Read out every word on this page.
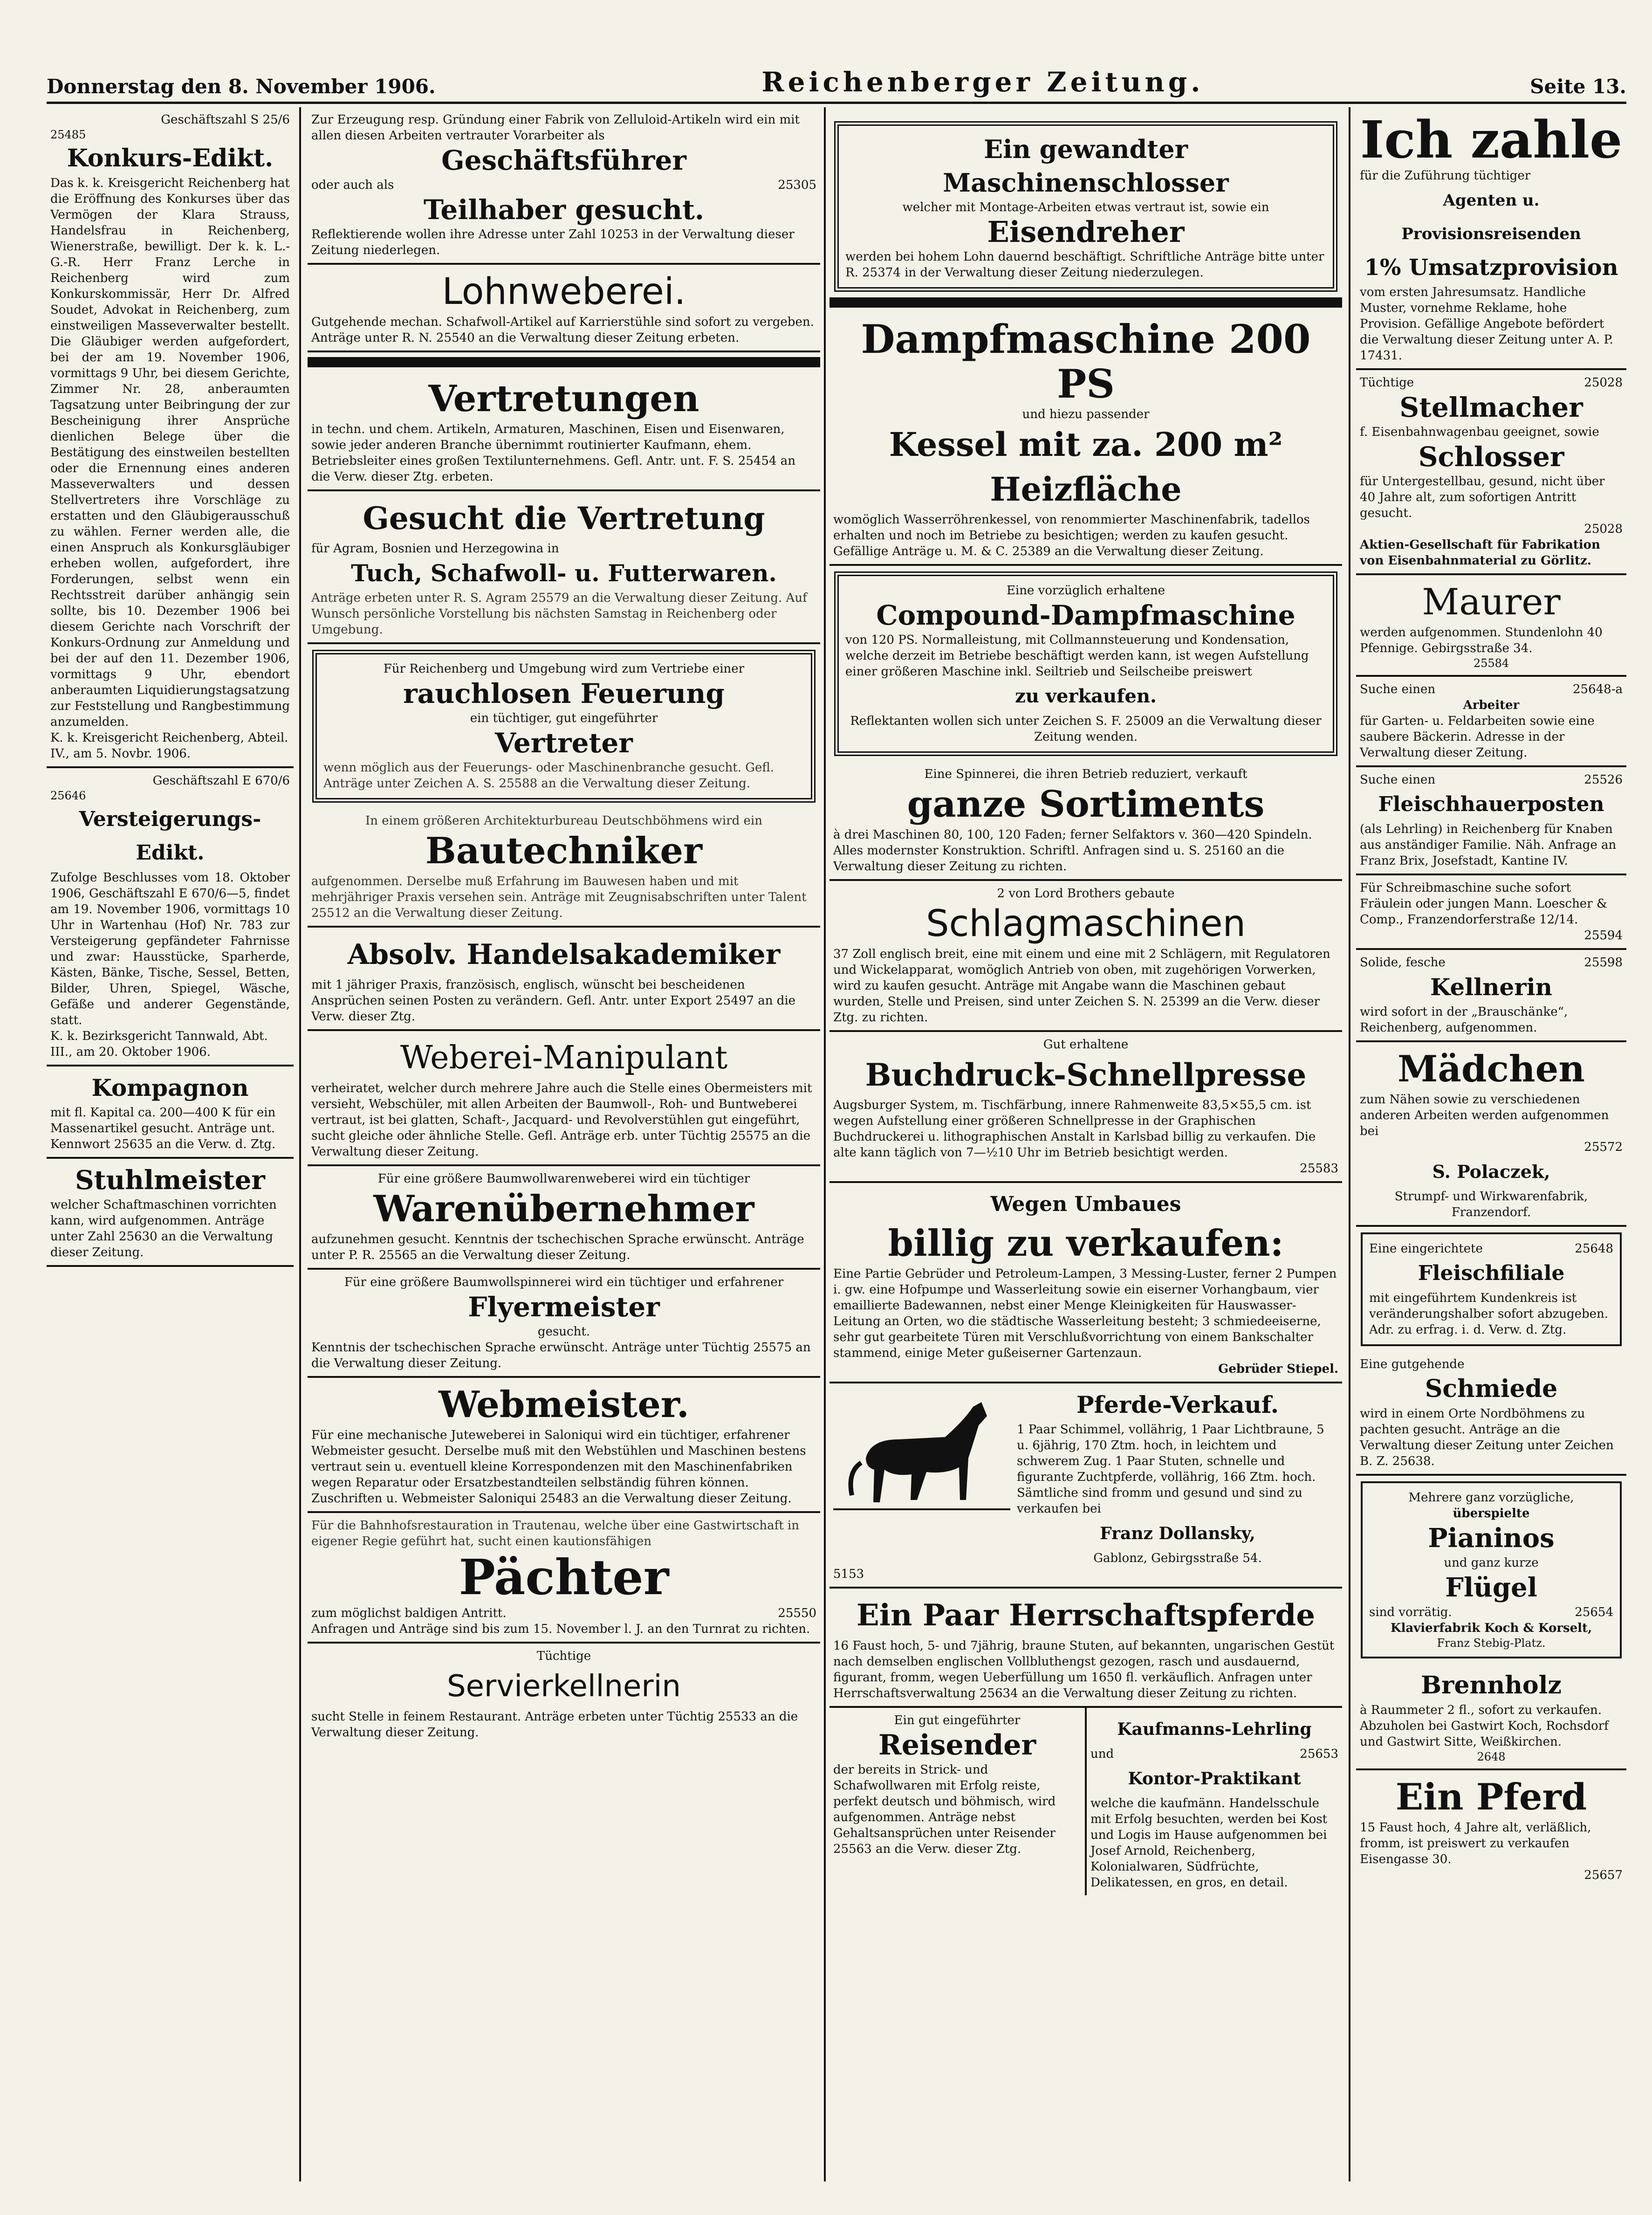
Donnerstag den 8. November 1906.	Reichenberger Zeitung.	Seite 13.
Geschäftszahl S 25/6
25485
Konkurs-Edikt.
Das k. k. Kreisgericht Reichenberg hat die Eröffnung des Konkurses über das Vermögen der Klara Strauss, Handelsfrau in Reichenberg, Wienerstraße, bewilligt. Der k. k. L.-G.-R. Herr Franz Lerche in Reichenberg wird zum Konkurskommissär, Herr Dr. Alfred Soudet, Advokat in Reichenberg, zum einstweiligen Masseverwalter bestellt. Die Gläubiger werden aufgefordert, bei der am 19. November 1906, vormittags 9 Uhr, bei diesem Gerichte, Zimmer Nr. 28, anberaumten Tagsatzung unter Beibringung der zur Bescheinigung ihrer Ansprüche dienlichen Belege über die Bestätigung des einstweilen bestellten oder die Ernennung eines anderen Masseverwalters und dessen Stellvertreters ihre Vorschläge zu erstatten und den Gläubigerausschuß zu wählen. Ferner werden alle, die einen Anspruch als Konkursgläubiger erheben wollen, aufgefordert, ihre Forderungen, selbst wenn ein Rechtsstreit darüber anhängig sein sollte, bis 10. Dezember 1906 bei diesem Gerichte nach Vorschrift der Konkurs-Ordnung zur Anmeldung und bei der auf den 11. Dezember 1906, vormittags 9 Uhr, ebendort anberaumten Liquidierungstagsatzung zur Feststellung und Rangbestimmung anzumelden.
K. k. Kreisgericht Reichenberg, Abteil. IV., am 5. Novbr. 1906.
Geschäftszahl E 670/6
25646
Versteigerungs-Edikt.
Zufolge Beschlusses vom 18. Oktober 1906, Geschäftszahl E 670/6—5, findet am 19. November 1906, vormittags 10 Uhr in Wartenhau (Hof) Nr. 783 zur Versteigerung gepfändeter Fahrnisse und zwar: Hausstücke, Sparherde, Kästen, Bänke, Tische, Sessel, Betten, Bilder, Uhren, Spiegel, Wäsche, Gefäße und anderer Gegenstände, statt.
K. k. Bezirksgericht Tannwald, Abt. III., am 20. Oktober 1906.
Kompagnon
mit fl. Kapital ca. 200—400 K für ein Massenartikel gesucht. Anträge unt. Kennwort 25635 an die Verw. d. Ztg.
Stuhlmeister
welcher Schaftmaschinen vorrichten kann, wird aufgenommen. Anträge unter Zahl 25630 an die Verwaltung dieser Zeitung.
Zur Erzeugung resp. Gründung einer Fabrik von Zelluloid-Artikeln wird ein mit allen diesen Arbeiten vertrauter Vorarbeiter als
Geschäftsführer
oder auch als	25305
Teilhaber gesucht.
Reflektierende wollen ihre Adresse unter Zahl 10253 in der Verwaltung dieser Zeitung niederlegen.
Lohnweberei.
Gutgehende mechan. Schafwoll-Artikel auf Karrierstühle sind sofort zu vergeben. Anträge unter R. N. 25540 an die Verwaltung dieser Zeitung erbeten.
Vertretungen
in techn. und chem. Artikeln, Armaturen, Maschinen, Eisen und Eisenwaren, sowie jeder anderen Branche übernimmt routinierter Kaufmann, ehem. Betriebsleiter eines großen Textilunternehmens. Gefl. Antr. unt. F. S. 25454 an die Verw. dieser Ztg. erbeten.
Gesucht die Vertretung
für Agram, Bosnien und Herzegowina in
Tuch, Schafwoll- u. Futterwaren.
Anträge erbeten unter R. S. Agram 25579 an die Verwaltung dieser Zeitung. Auf Wunsch persönliche Vorstellung bis nächsten Samstag in Reichenberg oder Umgebung.
Für Reichenberg und Umgebung wird zum Vertriebe einer
rauchlosen Feuerung
ein tüchtiger, gut eingeführter
Vertreter
wenn möglich aus der Feuerungs- oder Maschinenbranche gesucht. Gefl. Anträge unter Zeichen A. S. 25588 an die Verwaltung dieser Zeitung.
In einem größeren Architekturbureau Deutschböhmens wird ein
Bautechniker
aufgenommen. Derselbe muß Erfahrung im Bauwesen haben und mit mehrjähriger Praxis versehen sein. Anträge mit Zeugnisabschriften unter Talent 25512 an die Verwaltung dieser Zeitung.
Absolv. Handelsakademiker
mit 1 jähriger Praxis, französisch, englisch, wünscht bei bescheidenen Ansprüchen seinen Posten zu verändern. Gefl. Antr. unter Export 25497 an die Verw. dieser Ztg.
Weberei-Manipulant
verheiratet, welcher durch mehrere Jahre auch die Stelle eines Obermeisters mit versieht, Webschüler, mit allen Arbeiten der Baumwoll-, Roh- und Buntweberei vertraut, ist bei glatten, Schaft-, Jacquard- und Revolverstühlen gut eingeführt, sucht gleiche oder ähnliche Stelle. Gefl. Anträge erb. unter Tüchtig 25575 an die Verwaltung dieser Zeitung.
Für eine größere Baumwollwarenweberei wird ein tüchtiger
Warenübernehmer
aufzunehmen gesucht. Kenntnis der tschechischen Sprache erwünscht. Anträge unter P. R. 25565 an die Verwaltung dieser Zeitung.
Für eine größere Baumwollspinnerei wird ein tüchtiger und erfahrener
Flyermeister
gesucht.
Kenntnis der tschechischen Sprache erwünscht. Anträge unter Tüchtig 25575 an die Verwaltung dieser Zeitung.
Webmeister.
Für eine mechanische Juteweberei in Saloniqui wird ein tüchtiger, erfahrener Webmeister gesucht. Derselbe muß mit den Webstühlen und Maschinen bestens vertraut sein u. eventuell kleine Korrespondenzen mit den Maschinenfabriken wegen Reparatur oder Ersatzbestandteilen selbständig führen können. Zuschriften u. Webmeister Saloniqui 25483 an die Verwaltung dieser Zeitung.
Für die Bahnhofsrestauration in Trautenau, welche über eine Gastwirtschaft in eigener Regie geführt hat, sucht einen kautionsfähigen
Pächter
zum möglichst baldigen Antritt.	25550
Anfragen und Anträge sind bis zum 15. November l. J. an den Turnrat zu richten.
Tüchtige
Servierkellnerin
sucht Stelle in feinem Restaurant. Anträge erbeten unter Tüchtig 25533 an die Verwaltung dieser Zeitung.
Ein gewandter Maschinenschlosser
welcher mit Montage-Arbeiten etwas vertraut ist, sowie ein
Eisendreher
werden bei hohem Lohn dauernd beschäftigt. Schriftliche Anträge bitte unter R. 25374 in der Verwaltung dieser Zeitung niederzulegen.
Dampfmaschine 200 PS
und hiezu passender
Kessel mit za. 200 m² Heizfläche
womöglich Wasserröhrenkessel, von renommierter Maschinenfabrik, tadellos erhalten und noch im Betriebe zu besichtigen; werden zu kaufen gesucht. Gefällige Anträge u. M. & C. 25389 an die Verwaltung dieser Zeitung.
Eine vorzüglich erhaltene
Compound-Dampfmaschine
von 120 PS. Normalleistung, mit Collmannsteuerung und Kondensation, welche derzeit im Betriebe beschäftigt werden kann, ist wegen Aufstellung einer größeren Maschine inkl. Seiltrieb und Seilscheibe preiswert
zu verkaufen.
Reflektanten wollen sich unter Zeichen S. F. 25009 an die Verwaltung dieser Zeitung wenden.
Eine Spinnerei, die ihren Betrieb reduziert, verkauft
ganze Sortiments
à drei Maschinen 80, 100, 120 Faden; ferner Selfaktors v. 360—420 Spindeln. Alles modernster Konstruktion. Schriftl. Anfragen sind u. S. 25160 an die Verwaltung dieser Zeitung zu richten.
2 von Lord Brothers gebaute
Schlagmaschinen
37 Zoll englisch breit, eine mit einem und eine mit 2 Schlägern, mit Regulatoren und Wickelapparat, womöglich Antrieb von oben, mit zugehörigen Vorwerken, wird zu kaufen gesucht. Anträge mit Angabe wann die Maschinen gebaut wurden, Stelle und Preisen, sind unter Zeichen S. N. 25399 an die Verw. dieser Ztg. zu richten.
Gut erhaltene
Buchdruck-Schnellpresse
Augsburger System, m. Tischfärbung, innere Rahmenweite 83,5×55,5 cm. ist wegen Aufstellung einer größeren Schnellpresse in der Graphischen Buchdruckerei u. lithographischen Anstalt in Karlsbad billig zu verkaufen. Die alte kann täglich von 7—½10 Uhr im Betrieb besichtigt werden.
25583
Wegen Umbaues
billig zu verkaufen:
Eine Partie Gebrüder und Petroleum-Lampen, 3 Messing-Luster, ferner 2 Pumpen i. gw. eine Hofpumpe und Wasserleitung sowie ein eiserner Vorhangbaum, vier emaillierte Badewannen, nebst einer Menge Kleinigkeiten für Hauswasser-Leitung an Orten, wo die städtische Wasserleitung besteht; 3 schmiedeeiserne, sehr gut gearbeitete Türen mit Verschlußvorrichtung von einem Bankschalter stammend, einige Meter gußeiserner Gartenzaun.
Gebrüder Stiepel.
Pferde-Verkauf.
1 Paar Schimmel, vollährig, 1 Paar Lichtbraune, 5 u. 6jährig, 170 Ztm. hoch, in leichtem und schwerem Zug. 1 Paar Stuten, schnelle und figurante Zuchtpferde, vollährig, 166 Ztm. hoch. Sämtliche sind fromm und gesund und sind zu verkaufen bei
Franz Dollansky,
Gablonz, Gebirgsstraße 54.
5153
Ein Paar Herrschaftspferde
16 Faust hoch, 5- und 7jährig, braune Stuten, auf bekannten, ungarischen Gestüt nach demselben englischen Vollbluthengst gezogen, rasch und ausdauernd, figurant, fromm, wegen Ueberfüllung um 1650 fl. verkäuflich. Anfragen unter Herrschaftsverwaltung 25634 an die Verwaltung dieser Zeitung zu richten.
Ein gut eingeführter
Reisender
der bereits in Strick- und Schafwollwaren mit Erfolg reiste, perfekt deutsch und böhmisch, wird aufgenommen. Anträge nebst Gehaltsansprüchen unter Reisender 25563 an die Verw. dieser Ztg.
Kaufmanns-Lehrling
und	25653
Kontor-Praktikant
welche die kaufmänn. Handelsschule mit Erfolg besuchten, werden bei Kost und Logis im Hause aufgenommen bei Josef Arnold, Reichenberg, Kolonialwaren, Südfrüchte, Delikatessen, en gros, en detail.
Ich zahle
für die Zuführung tüchtiger
Agenten u. Provisionsreisenden
1% Umsatzprovision
vom ersten Jahresumsatz. Handliche Muster, vornehme Reklame, hohe Provision. Gefällige Angebote befördert die Verwaltung dieser Zeitung unter A. P. 17431.
Tüchtige	25028
Stellmacher
f. Eisenbahnwagenbau geeignet, sowie
Schlosser
für Untergestellbau, gesund, nicht über 40 Jahre alt, zum sofortigen Antritt gesucht.
25028
Aktien-Gesellschaft für Fabrikation von Eisenbahnmaterial zu Görlitz.
Maurer
werden aufgenommen. Stundenlohn 40 Pfennige. Gebirgsstraße 34.
25584
Suche einen	25648-a
Arbeiter
für Garten- u. Feldarbeiten sowie eine saubere Bäckerin. Adresse in der Verwaltung dieser Zeitung.
Suche einen	25526
Fleischhauerposten
(als Lehrling) in Reichenberg für Knaben aus anständiger Familie. Näh. Anfrage an Franz Brix, Josefstadt, Kantine IV.
Für Schreibmaschine suche sofort Fräulein oder jungen Mann. Loescher & Comp., Franzendorferstraße 12/14.
25594
Solide, fesche	25598
Kellnerin
wird sofort in der „Brauschänke“, Reichenberg, aufgenommen.
Mädchen
zum Nähen sowie zu verschiedenen anderen Arbeiten werden aufgenommen bei
25572
S. Polaczek,
Strumpf- und Wirkwarenfabrik, Franzendorf.
Eine eingerichtete	25648
Fleischfiliale
mit eingeführtem Kundenkreis ist veränderungshalber sofort abzugeben. Adr. zu erfrag. i. d. Verw. d. Ztg.
Eine gutgehende
Schmiede
wird in einem Orte Nordböhmens zu pachten gesucht. Anträge an die Verwaltung dieser Zeitung unter Zeichen B. Z. 25638.
Mehrere ganz vorzügliche,
überspielte
Pianinos
und ganz kurze
Flügel
sind vorrätig.	25654
Klavierfabrik Koch & Korselt,
Franz Stebig-Platz.
Brennholz
à Raummeter 2 fl., sofort zu verkaufen. Abzuholen bei Gastwirt Koch, Rochsdorf und Gastwirt Sitte, Weißkirchen.
2648
Ein Pferd
15 Faust hoch, 4 Jahre alt, verläßlich, fromm, ist preiswert zu verkaufen Eisengasse 30.
25657
